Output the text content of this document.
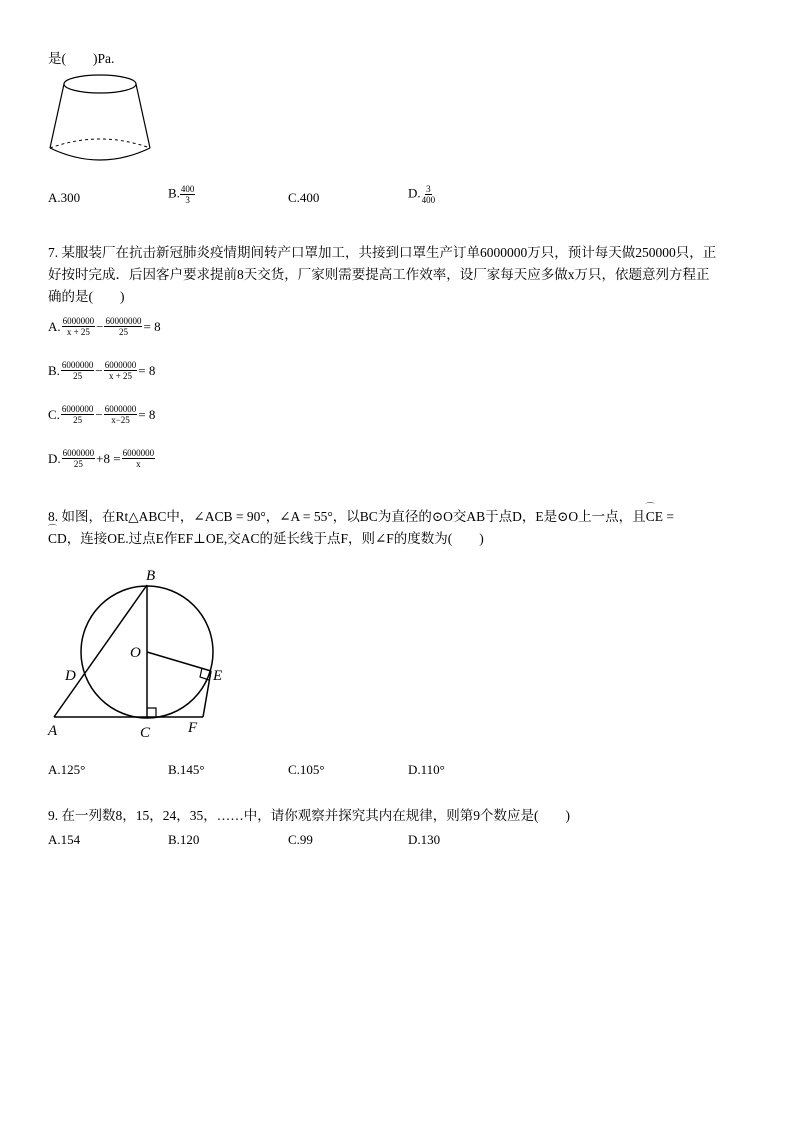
是(　　)Pa.
A.300	B. $\frac{400}{3}$	C.400	D. $\frac{3}{400}$
7. 某服装厂在抗击新冠肺炎疫情期间转产口罩加工，共接到口罩生产订单6000000万只，预计每天做250000只，正
好按时完成．后因客户要求提前8天交货，厂家则需要提高工作效率，设厂家每天应多做x万只，依题意列方程正
确的是(　　)
A. $\frac{6000000}{x + 25} - \frac{60000000}{25} = 8$
B. $\frac{6000000}{25} - \frac{6000000}{x + 25} = 8$
C. $\frac{6000000}{25} - \frac{6000000}{x-25} = 8$
D. $\frac{6000000}{25} +8 = \frac{6000000}{x}$
8. 如图，在Rt△ABC中，∠ACB = 90°，∠A = 55°，以BC为直径的⊙O交AB于点D，E是⊙O上一点，且⌒ CE =
⌒ CD，连接OE.过点E作EF⊥OE,交AC的延长线于点F，则∠F的度数为(　　)
B
O
D	E
A	C	F
A.125°	B.145°	C.105°	D.110°
9. 在一列数8，15，24，35，……中，请你观察并探究其内在规律，则第9个数应是(　　)
A.154	B.120	C.99	D.130
